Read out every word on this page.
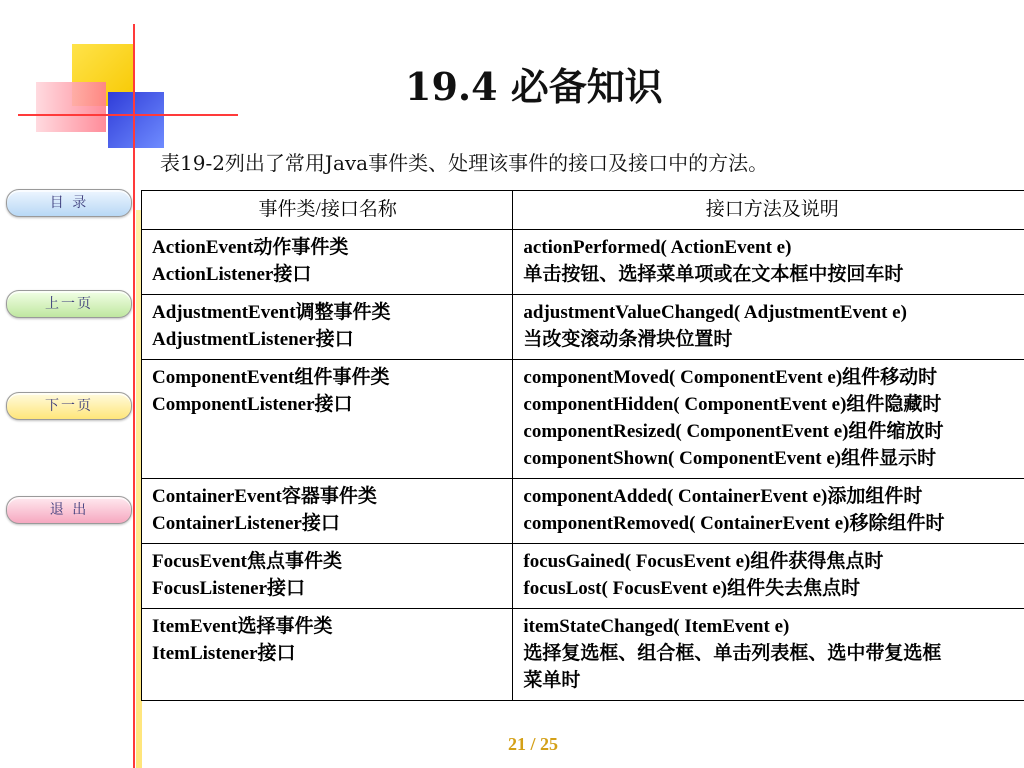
19.4 必备知识
表19-2列出了常用Java事件类、处理该事件的接口及接口中的方法。
目 录
上一页
下一页
退 出
事件类/接口名称	接口方法及说明

ActionEvent动作事件类
ActionListener接口	actionPerformed( ActionEvent e)
单击按钮、选择菜单项或在文本框中按回车时

AdjustmentEvent调整事件类
AdjustmentListener接口	adjustmentValueChanged( AdjustmentEvent e)
当改变滚动条滑块位置时

ComponentEvent组件事件类
ComponentListener接口	componentMoved( ComponentEvent e)组件移动时
componentHidden( ComponentEvent e)组件隐藏时
componentResized( ComponentEvent e)组件缩放时
componentShown( ComponentEvent e)组件显示时

ContainerEvent容器事件类
ContainerListener接口	componentAdded( ContainerEvent e)添加组件时
componentRemoved( ContainerEvent e)移除组件时

FocusEvent焦点事件类
FocusListener接口	focusGained( FocusEvent e)组件获得焦点时
focusLost( FocusEvent e)组件失去焦点时

ItemEvent选择事件类
ItemListener接口	itemStateChanged( ItemEvent e)
选择复选框、组合框、单击列表框、选中带复选框
菜单时
21 / 25
